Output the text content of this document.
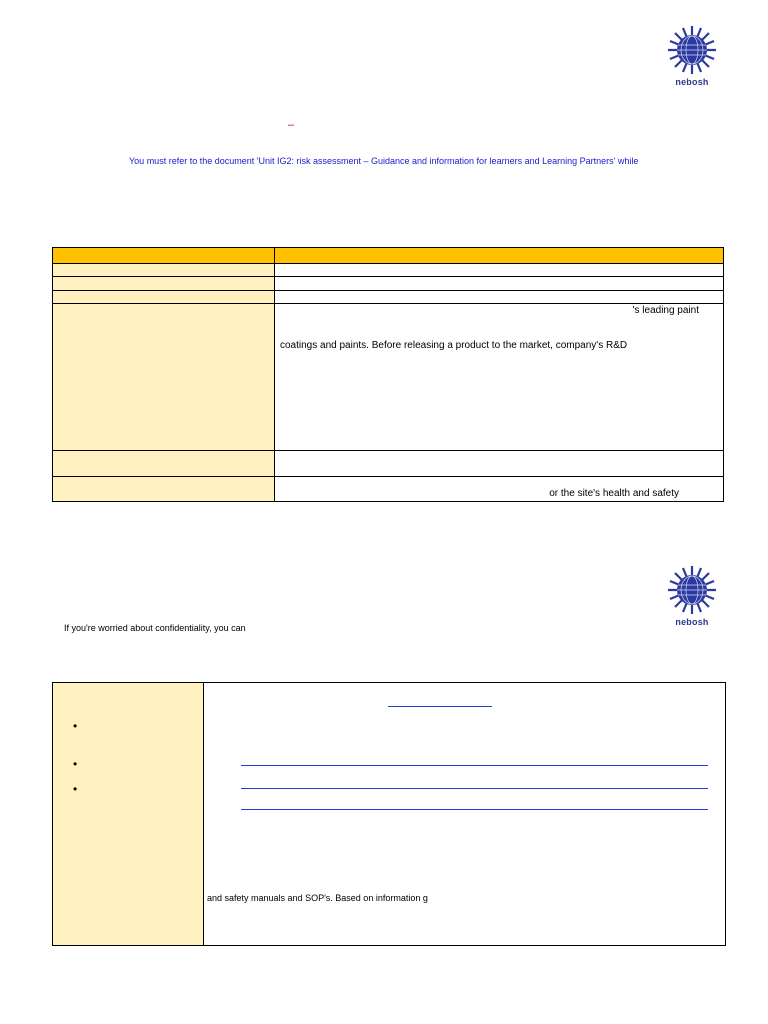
nebosh
–
You must refer to the document 'Unit IG2: risk assessment – Guidance and information for learners and Learning Partners' while
's leading paint
coatings and paints. Before releasing a product to the market, company's R&D
or the site's health and safety
nebosh
If you're worried about confidentiality, you can
•
•
•
and safety manuals and SOP's. Based on information g
